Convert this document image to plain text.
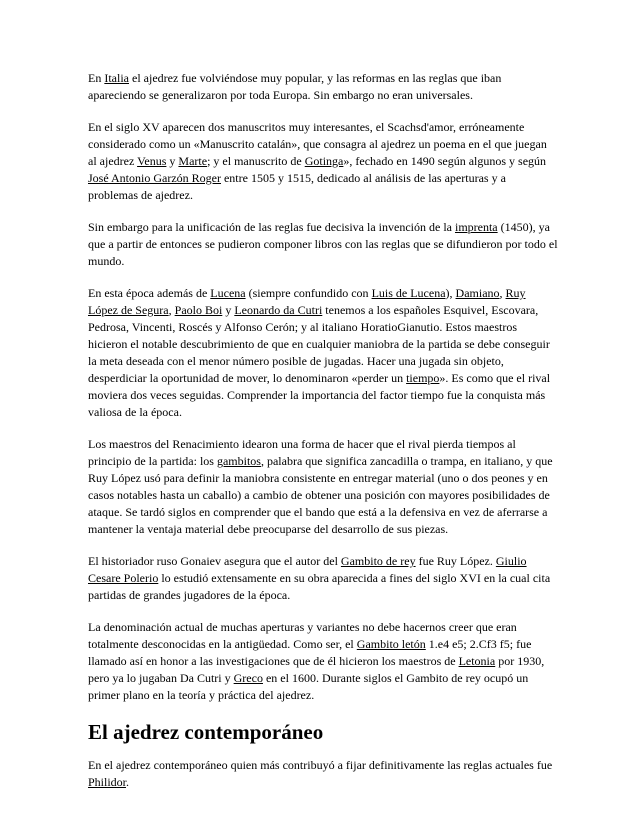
En Italia el ajedrez fue volviéndose muy popular, y las reformas en las reglas que iban apareciendo se generalizaron por toda Europa. Sin embargo no eran universales.

En el siglo XV aparecen dos manuscritos muy interesantes, el Scachsd'amor, erróneamente considerado como un «Manuscrito catalán», que consagra al ajedrez un poema en el que juegan al ajedrez Venus y Marte; y el manuscrito de Gotinga», fechado en 1490 según algunos y según José Antonio Garzón Roger entre 1505 y 1515, dedicado al análisis de las aperturas y a problemas de ajedrez.

Sin embargo para la unificación de las reglas fue decisiva la invención de la imprenta (1450), ya que a partir de entonces se pudieron componer libros con las reglas que se difundieron por todo el mundo.

En esta época además de Lucena (siempre confundido con Luis de Lucena), Damiano, Ruy López de Segura, Paolo Boi y Leonardo da Cutri tenemos a los españoles Esquivel, Escovara, Pedrosa, Vincenti, Roscés y Alfonso Cerón; y al italiano HoratioGianutio. Estos maestros hicieron el notable descubrimiento de que en cualquier maniobra de la partida se debe conseguir la meta deseada con el menor número posible de jugadas. Hacer una jugada sin objeto, desperdiciar la oportunidad de mover, lo denominaron «perder un tiempo». Es como que el rival moviera dos veces seguidas. Comprender la importancia del factor tiempo fue la conquista más valiosa de la época.

Los maestros del Renacimiento idearon una forma de hacer que el rival pierda tiempos al principio de la partida: los gambitos, palabra que significa zancadilla o trampa, en italiano, y que Ruy López usó para definir la maniobra consistente en entregar material (uno o dos peones y en casos notables hasta un caballo) a cambio de obtener una posición con mayores posibilidades de ataque. Se tardó siglos en comprender que el bando que está a la defensiva en vez de aferrarse a mantener la ventaja material debe preocuparse del desarrollo de sus piezas.

El historiador ruso Gonaiev asegura que el autor del Gambito de rey fue Ruy López. Giulio Cesare Polerio lo estudió extensamente en su obra aparecida a fines del siglo XVI en la cual cita partidas de grandes jugadores de la época.

La denominación actual de muchas aperturas y variantes no debe hacernos creer que eran totalmente desconocidas en la antigüedad. Como ser, el Gambito letón 1.e4 e5; 2.Cf3 f5; fue llamado así en honor a las investigaciones que de él hicieron los maestros de Letonia por 1930, pero ya lo jugaban Da Cutri y Greco en el 1600. Durante siglos el Gambito de rey ocupó un primer plano en la teoría y práctica del ajedrez.

El ajedrez contemporáneo

En el ajedrez contemporáneo quien más contribuyó a fijar definitivamente las reglas actuales fue Philidor.
